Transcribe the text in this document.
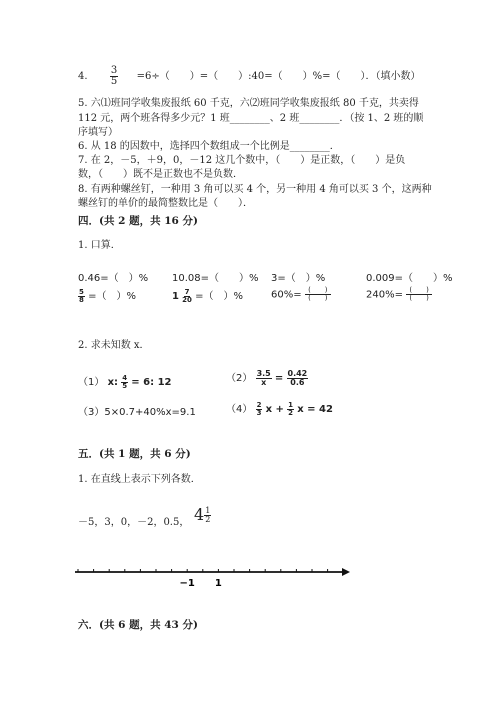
4. $\frac{3}{5} =6\div$（　　）=（　　）:40=（　　）%=（　　）．（填小数）
5. 六⑴班同学收集废报纸 60 千克，六⑵班同学收集废报纸 80 千克，共卖得
112 元，两个班各得多少元？1 班________、2 班________．（按 1、2 班的顺
序填写）
6. 从 18 的因数中，选择四个数组成一个比例是________．
7. 在 2，－5，＋9，0，－12 这几个数中，（　　）是正数，（　　）是负
数，（　　）既不是正数也不是负数．
8. 有两种螺丝钉，一种用 3 角可以买 4 个，另一种用 4 角可以买 3 个，这两种
螺丝钉的单价的最简整数比是（　　）．
四．(共 2 题，共 16 分)
1. 口算．
0.46=（　）% 10.08=（　　）% 3=（　）%	0.009=（　　）%
$\frac{5}{8}$ =（　）%	$1 \frac{7}{20}$ =（　）%	$60\%= \frac{( )}{( )}$	$240\%= \frac{( )}{( )}$
2. 求未知数 x．
（1） x: $\frac{4}{5} = 6$: 12	$(2) \frac{3.5}{x} = \frac{0.42}{0.6}$
（3）5×0.7+40%x=9.1	$(4) \frac{2}{3}$ $x + \frac{1}{2}$ x = 42
五．(共 1 题，共 6 分)
1. 在直线上表示下列各数．
－5，3，0，－2，0.5， $4 \frac{1}{2}$
−1 1
六．(共 6 题，共 43 分)
